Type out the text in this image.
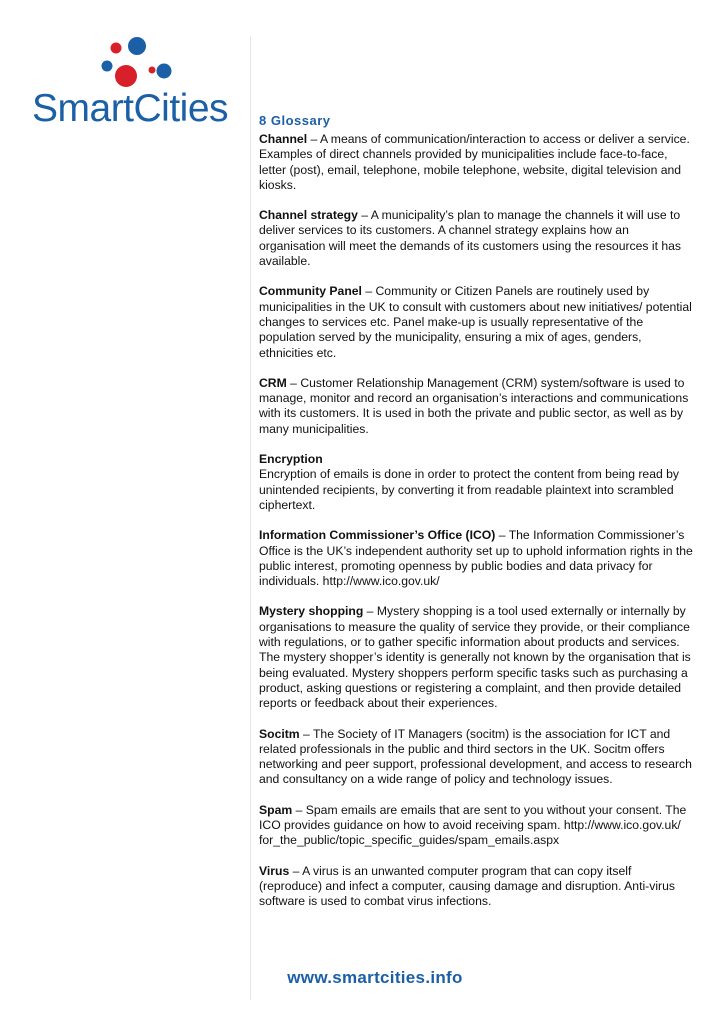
SmartCities 8 Glossary

Channel – A means of communication/interaction to access or deliver a service. Examples of direct channels provided by municipalities include face-to-face, letter (post), email, telephone, mobile telephone, website, digital television and kiosks.

Channel strategy – A municipality’s plan to manage the channels it will use to deliver services to its customers. A channel strategy explains how an organisation will meet the demands of its customers using the resources it has available.

Community Panel – Community or Citizen Panels are routinely used by municipalities in the UK to consult with customers about new initiatives/ potential changes to services etc. Panel make-up is usually representative of the population served by the municipality, ensuring a mix of ages, genders, ethnicities etc.

CRM – Customer Relationship Management (CRM) system/software is used to manage, monitor and record an organisation’s interactions and communications with its customers. It is used in both the private and public sector, as well as by many municipalities.

Encryption
Encryption of emails is done in order to protect the content from being read by unintended recipients, by converting it from readable plaintext into scrambled ciphertext.

Information Commissioner’s Office (ICO) – The Information Commissioner’s Office is the UK’s independent authority set up to uphold information rights in the public interest, promoting openness by public bodies and data privacy for individuals. http://www.ico.gov.uk/

Mystery shopping – Mystery shopping is a tool used externally or internally by organisations to measure the quality of service they provide, or their compliance with regulations, or to gather specific information about products and services. The mystery shopper’s identity is generally not known by the organisation that is being evaluated. Mystery shoppers perform specific tasks such as purchasing a product, asking questions or registering a complaint, and then provide detailed reports or feedback about their experiences.

Socitm – The Society of IT Managers (socitm) is the association for ICT and related professionals in the public and third sectors in the UK. Socitm offers networking and peer support, professional development, and access to research and consultancy on a wide range of policy and technology issues.

Spam – Spam emails are emails that are sent to you without your consent. The ICO provides guidance on how to avoid receiving spam. http://www.ico.gov.uk/ for_the_public/topic_specific_guides/spam_emails.aspx

Virus – A virus is an unwanted computer program that can copy itself (reproduce) and infect a computer, causing damage and disruption. Anti-virus software is used to combat virus infections.

www.smartcities.info
